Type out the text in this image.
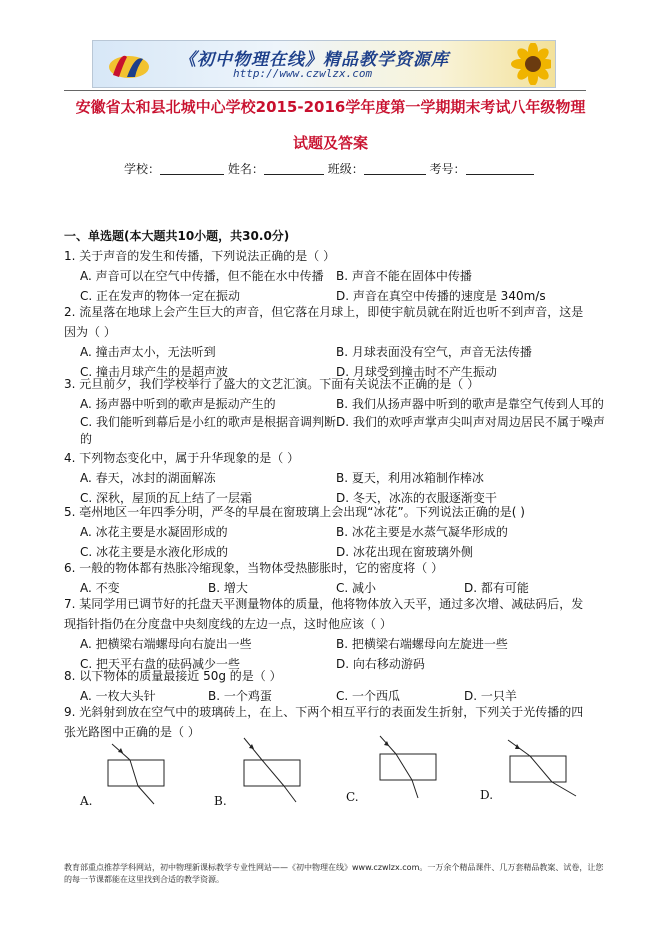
《初中物理在线》精品教学资源库
http://www.czwlzx.com
安徽省太和县北城中心学校2015-2016学年度第一学期期末考试八年级物理
试题及答案
学校：	姓名：	班级：	考号：
一、单选题(本大题共10小题，共30.0分)
1. 关于声音的发生和传播，下列说法正确的是（ ）
A. 声音可以在空气中传播，但不能在水中传播	B. 声音不能在固体中传播
C. 正在发声的物体一定在振动	D. 声音在真空中传播的速度是 340m/s
2. 流星落在地球上会产生巨大的声音，但它落在月球上，即使宇航员就在附近也听不到声音，这是因为（ ）
A. 撞击声太小，无法听到	B. 月球表面没有空气，声音无法传播
C. 撞击月球产生的是超声波	D. 月球受到撞击时不产生振动
3. 元旦前夕，我们学校举行了盛大的文艺汇演。下面有关说法不正确的是（ ）
A. 扬声器中听到的歌声是振动产生的	B. 我们从扬声器中听到的歌声是靠空气传到人耳的
C. 我们能听到幕后是小红的歌声是根据音调判断的
D. 我们的欢呼声掌声尖叫声对周边居民不属于噪声
4. 下列物态变化中，属于升华现象的是（ ）
A. 春天，冰封的湖面解冻	B. 夏天，利用冰箱制作棒冰
C. 深秋，屋顶的瓦上结了一层霜	D. 冬天，冰冻的衣服逐渐变干
5. 亳州地区一年四季分明，严冬的早晨在窗玻璃上会出现“冰花”。下列说法正确的是( )
A. 冰花主要是水凝固形成的	B. 冰花主要是水蒸气凝华形成的
C. 冰花主要是水液化形成的	D. 冰花出现在窗玻璃外侧
6. 一般的物体都有热胀冷缩现象，当物体受热膨胀时，它的密度将（ ）
A. 不变	B. 增大	C. 减小	D. 都有可能
7. 某同学用已调节好的托盘天平测量物体的质量，他将物体放入天平，通过多次增、减砝码后，发现指针指仍在分度盘中央刻度线的左边一点，这时他应该（ ）
A. 把横梁右端螺母向右旋出一些	B. 把横梁右端螺母向左旋进一些
C. 把天平右盘的砝码减少一些	D. 向右移动游码
8. 以下物体的质量最接近 50g 的是（ ）
A. 一枚大头针	B. 一个鸡蛋	C. 一个西瓜	D. 一只羊
9. 光斜射到放在空气中的玻璃砖上，在上、下两个相互平行的表面发生折射，下列关于光传播的四张光路图中正确的是（ ）
A.	B.	C.	D.
教育部重点推荐学科网站，初中物理新课标教学专业性网站——《初中物理在线》www.czwlzx.com。一万余个精品课件、几万套精品教案、试卷，让您的每一节课都能在这里找到合适的教学资源。
